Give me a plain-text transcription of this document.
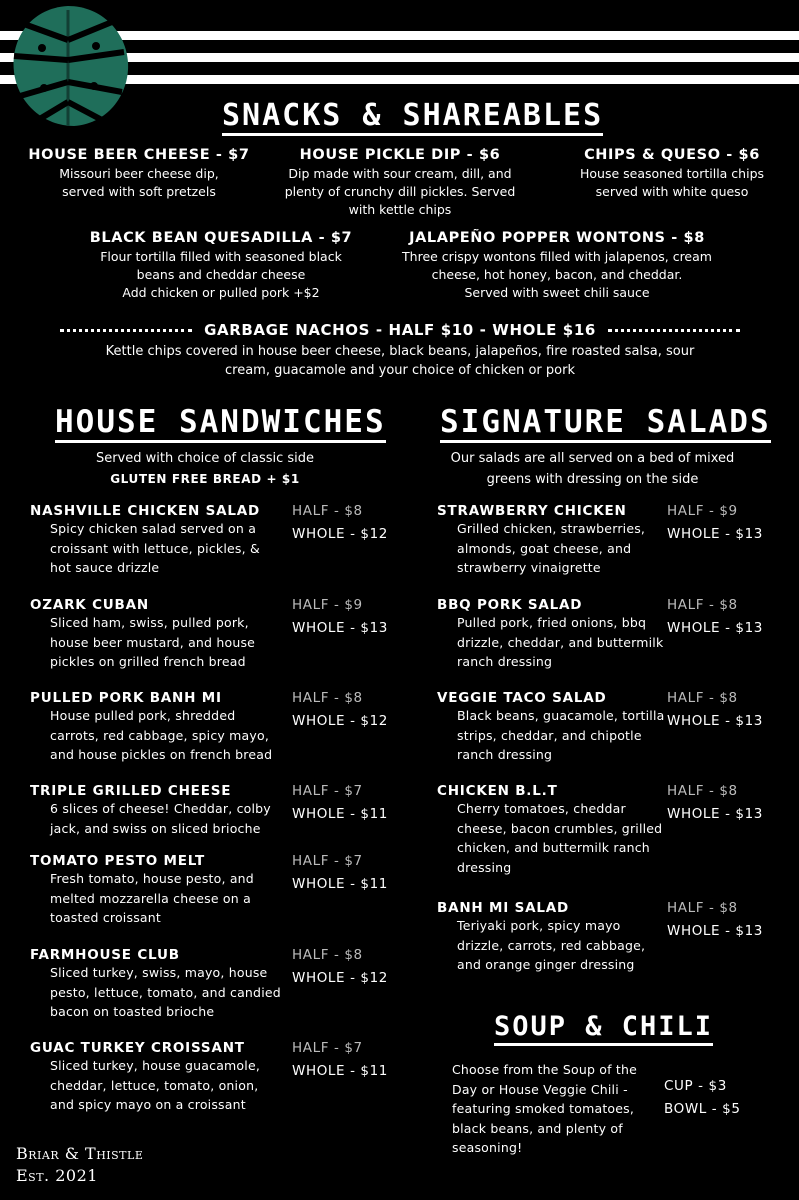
SNACKS & SHAREABLES
HOUSE BEER CHEESE - $7
Missouri beer cheese dip, served with soft pretzels
HOUSE PICKLE DIP - $6
Dip made with sour cream, dill, and plenty of crunchy dill pickles. Served with kettle chips
CHIPS & QUESO - $6
House seasoned tortilla chips served with white queso
BLACK BEAN QUESADILLA - $7
Flour tortilla filled with seasoned black beans and cheddar cheese
Add chicken or pulled pork +$2
JALAPEÑO POPPER WONTONS - $8
Three crispy wontons filled with jalapenos, cream cheese, hot honey, bacon, and cheddar.
Served with sweet chili sauce
GARBAGE NACHOS - HALF $10 - WHOLE $16
Kettle chips covered in house beer cheese, black beans, jalapeños, fire roasted salsa, sour cream, guacamole and your choice of chicken or pork
HOUSE SANDWICHES
Served with choice of classic side
GLUTEN FREE BREAD + $1
NASHVILLE CHICKEN SALAD
Spicy chicken salad served on a croissant with lettuce, pickles, & hot sauce drizzle
HALF - $8
WHOLE - $12
OZARK CUBAN
Sliced ham, swiss, pulled pork, house beer mustard, and house pickles on grilled french bread
HALF - $9
WHOLE - $13
PULLED PORK BANH MI
House pulled pork, shredded carrots, red cabbage, spicy mayo, and house pickles on french bread
HALF - $8
WHOLE - $12
TRIPLE GRILLED CHEESE
6 slices of cheese! Cheddar, colby jack, and swiss on sliced brioche
HALF - $7
WHOLE - $11
TOMATO PESTO MELT
Fresh tomato, house pesto, and melted mozzarella cheese on a toasted croissant
HALF - $7
WHOLE - $11
FARMHOUSE CLUB
Sliced turkey, swiss, mayo, house pesto, lettuce, tomato, and candied bacon on toasted brioche
HALF - $8
WHOLE - $12
GUAC TURKEY CROISSANT
Sliced turkey, house guacamole, cheddar, lettuce, tomato, onion, and spicy mayo on a croissant
HALF - $7
WHOLE - $11
SIGNATURE SALADS
Our salads are all served on a bed of mixed greens with dressing on the side
STRAWBERRY CHICKEN
Grilled chicken, strawberries, almonds, goat cheese, and strawberry vinaigrette
HALF - $9
WHOLE - $13
BBQ PORK SALAD
Pulled pork, fried onions, bbq drizzle, cheddar, and buttermilk ranch dressing
HALF - $8
WHOLE - $13
VEGGIE TACO SALAD
Black beans, guacamole, tortilla strips, cheddar, and chipotle ranch dressing
HALF - $8
WHOLE - $13
CHICKEN B.L.T
Cherry tomatoes, cheddar cheese, bacon crumbles, grilled chicken, and buttermilk ranch dressing
HALF - $8
WHOLE - $13
BANH MI SALAD
Teriyaki pork, spicy mayo drizzle, carrots, red cabbage, and orange ginger dressing
HALF - $8
WHOLE - $13
SOUP & CHILI
Choose from the Soup of the Day or House Veggie Chili - featuring smoked tomatoes, black beans, and plenty of seasoning!
CUP - $3
BOWL - $5
Briar & Thistle
Est. 2021
